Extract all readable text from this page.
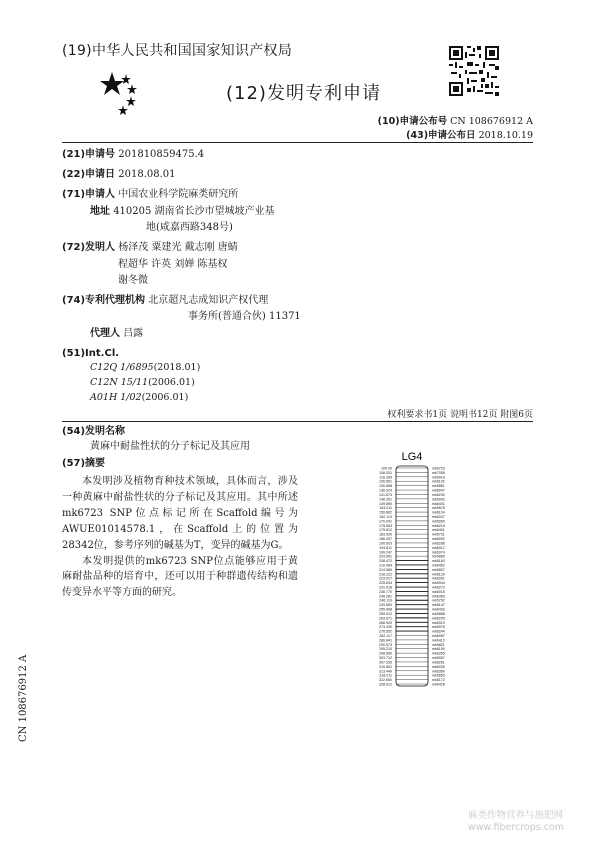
(19)中华人民共和国国家知识产权局
(12)发明专利申请
(10)申请公布号 CN 108676912 A
(43)申请公布日 2018.10.19
(21)申请号 201810859475.4
(22)申请日 2018.08.01
(71)申请人 中国农业科学院麻类研究所
地址 410205 湖南省长沙市望城坡产业基
地(咸嘉西路348号)
(72)发明人 杨泽茂 粟建光 戴志刚 唐蜻
程超华 许英 刘婵 陈基权
谢冬微
(74)专利代理机构 北京超凡志成知识产权代理
事务所(普通合伙) 11371
代理人 吕露
(51)Int.Cl.
C12Q 1/6895(2018.01)
C12N 15/11(2006.01)
A01H 1/02(2006.01)
权利要求书1页 说明书12页 附图6页
(54)发明名称
黄麻中耐盐性状的分子标记及其应用
(57)摘要

本发明涉及植物育种技术领域，具体而言，涉及一种黄麻中耐盐性状的分子标记及其应用。其中所述mk6723 SNP位点标记所在Scaffold编号为AWUE01014578.1，在Scaffold上的位置为28342位，参考序列的碱基为T，变异的碱基为G。

本发明提供的mk6723 SNP位点能够应用于黄麻耐盐品种的培育中，还可以用于种群遗传结构和遗传变异水平等方面的研究。

LG4
100.00	mk6723
106.031	mk7055
116.265	mk5918
126.651	mk6102
130.858	mk5861
136.524	mk6047
141.873	mk6230
148.351	mk5993
149.890	mk6441
153.011	mk5876
156.862	mk6104
162.110	mk6337
170.041	mk5950
175.553	mk6218
179.812	mk6401
183.020	mk5731
186.437	mk6092
190.003	mk6286
194.811	mk6012
199.247	mk6374
203.651	mk5889
208.472	mk6163
210.064	mk6452
214.580	mk5807
218.222	mk6129
223.917	mk6391
225.634	mk5944
231.018	mk6273
236.770	mk6018
240.281	mk6360
246.110	mk5792
249.563	mk6147
255.008	mk6433
259.012	mk5868
263.671	mk6205
268.920	mk6319
273.430	mk5976
278.552	mk6244
282.117	mk6087
286.841	mk6413
290.573	mk5821
295.210	mk6190
298.660	mk6355
303.712	mk5907
307.935	mk6261
310.602	mk6035
313.440	mk6380
318.211	mk5853
322.650	mk6172
328.612	mk6426
CN 108676912 A
麻类作物营养与施肥网
www.fibercrops.com
